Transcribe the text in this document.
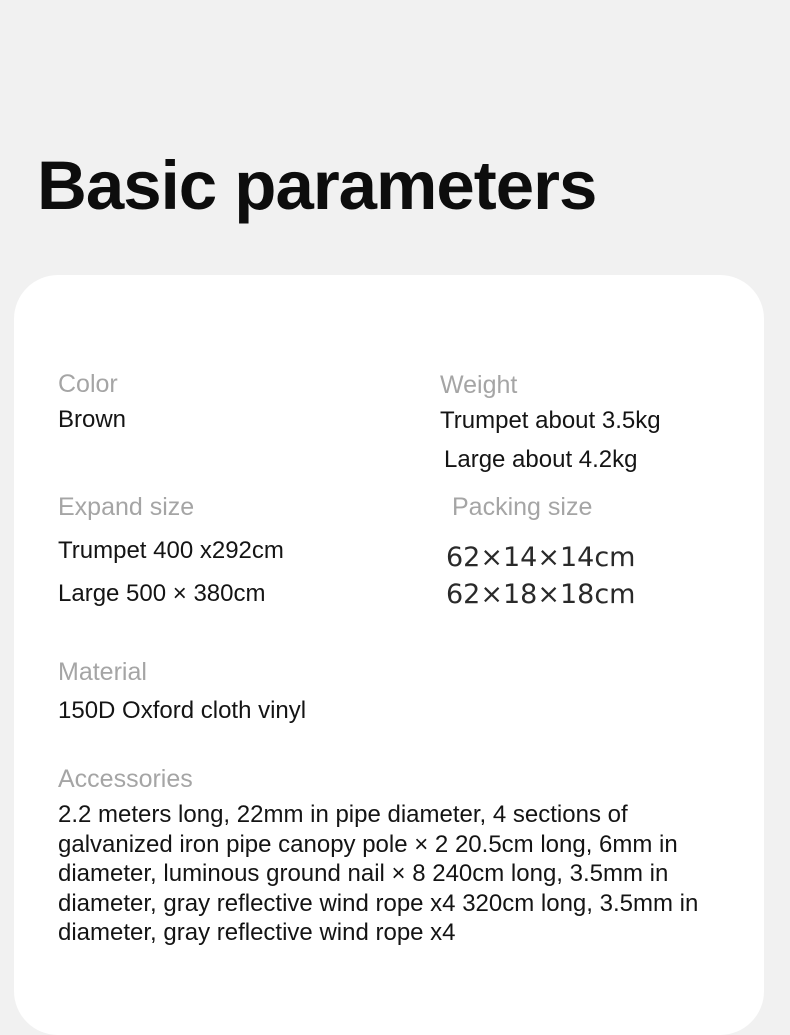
Basic parameters
Color
Brown
Weight
Trumpet about 3.5kg
Large about 4.2kg
Expand size
Trumpet 400 x292cm
Large 500 × 380cm
Packing size
62×14×14cm
62×18×18cm
Material
150D Oxford cloth vinyl
Accessories

2.2 meters long, 22mm in pipe diameter, 4 sections of galvanized iron pipe canopy pole × 2 20.5cm long, 6mm in diameter, luminous ground nail × 8 240cm long, 3.5mm in diameter, gray reflective wind rope x4 320cm long, 3.5mm in diameter, gray reflective wind rope x4
